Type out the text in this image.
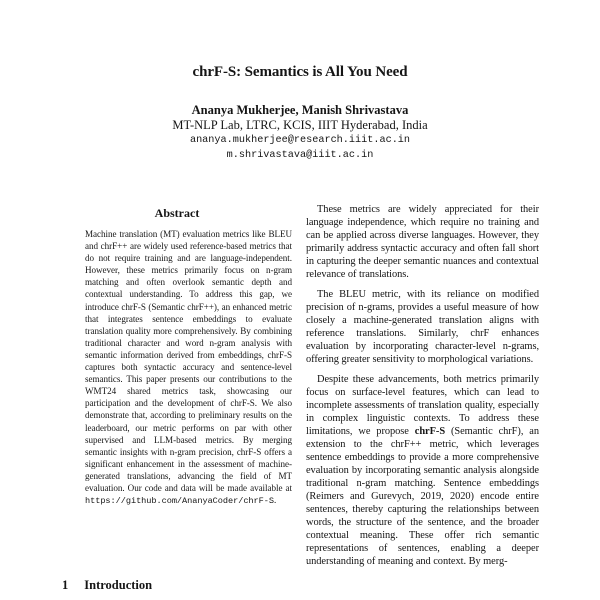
chrF-S: Semantics is All You Need
Ananya Mukherjee, Manish Shrivastava
MT-NLP Lab, LTRC, KCIS, IIIT Hyderabad, India
ananya.mukherjee@research.iiit.ac.in
m.shrivastava@iiit.ac.in
Abstract
Machine translation (MT) evaluation metrics like BLEU and chrF++ are widely used reference-based metrics that do not require training and are language-independent. However, these metrics primarily focus on n-gram matching and often overlook semantic depth and contextual understanding. To address this gap, we introduce chrF-S (Semantic chrF++), an enhanced metric that integrates sentence embeddings to evaluate translation quality more comprehensively. By combining traditional character and word n-gram analysis with semantic information derived from embeddings, chrF-S captures both syntactic accuracy and sentence-level semantics. This paper presents our contributions to the WMT24 shared metrics task, showcasing our participation and the development of chrF-S. We also demonstrate that, according to preliminary results on the leaderboard, our metric performs on par with other supervised and LLM-based metrics. By merging semantic insights with n-gram precision, chrF-S offers a significant enhancement in the assessment of machine-generated translations, advancing the field of MT evaluation. Our code and data will be made available at https://github.com/AnanyaCoder/chrF-S.
1 Introduction

These metrics are widely appreciated for their language independence, which require no training and can be applied across diverse languages. However, they primarily address syntactic accuracy and often fall short in capturing the deeper semantic nuances and contextual relevance of translations.

The BLEU metric, with its reliance on modified precision of n-grams, provides a useful measure of how closely a machine-generated translation aligns with reference translations. Similarly, chrF enhances evaluation by incorporating character-level n-grams, offering greater sensitivity to morphological variations.

Despite these advancements, both metrics primarily focus on surface-level features, which can lead to incomplete assessments of translation quality, especially in complex linguistic contexts. To address these limitations, we propose chrF-S (Semantic chrF), an extension to the chrF++ metric, which leverages sentence embeddings to provide a more comprehensive evaluation by incorporating semantic analysis alongside traditional n-gram matching. Sentence embeddings (Reimers and Gurevych, 2019, 2020) encode entire sentences, thereby capturing the relationships between words, the structure of the sentence, and the broader contextual meaning. These offer rich semantic representations of sentences, enabling a deeper understanding of meaning and context. By merg-
